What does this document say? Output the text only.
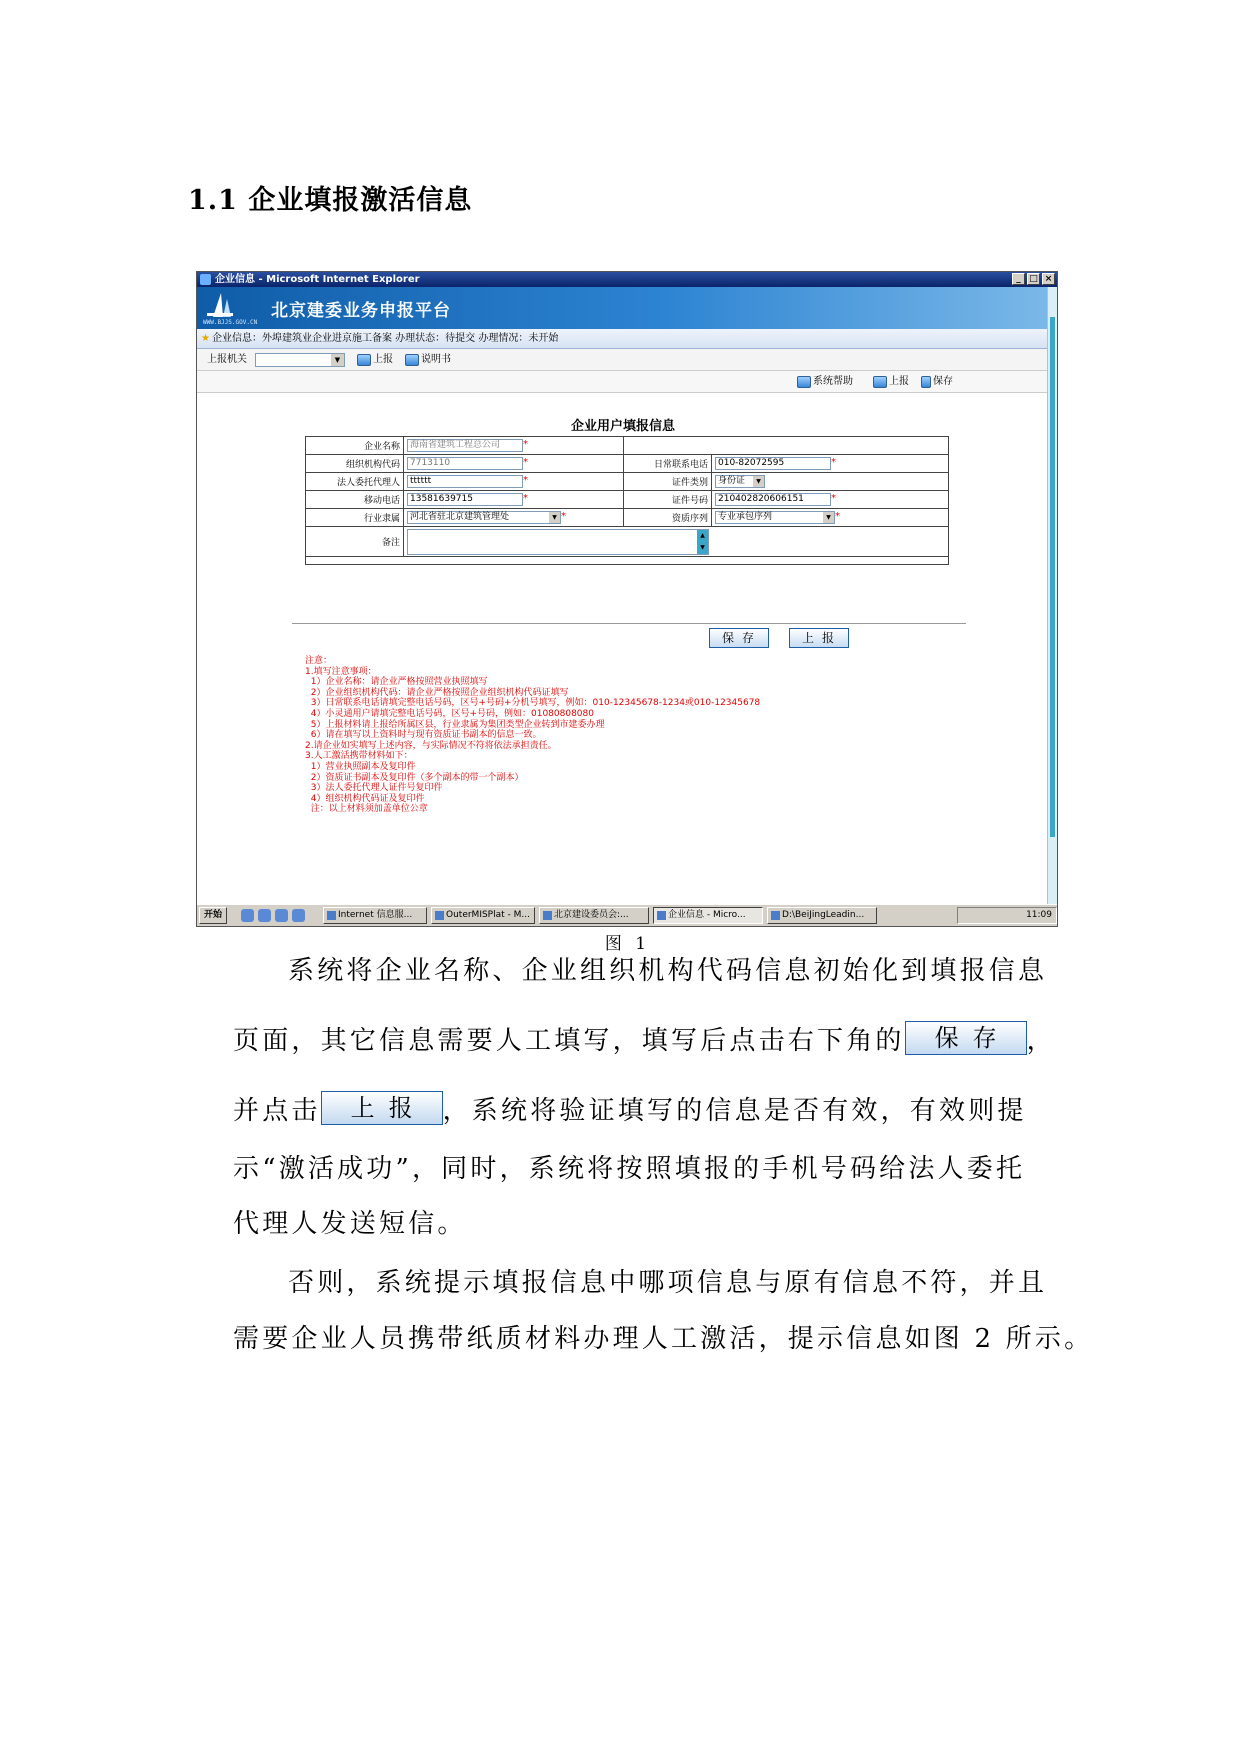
1.1 企业填报激活信息
企业信息 - Microsoft Internet Explorer	_ □ ×
WWW.BJJS.GOV.CN
北京建委业务申报平台
★ 企业信息：外埠建筑业企业进京施工备案 办理状态：待提交 办理情况：未开始
上报机关	▼	上报	说明书
系统帮助	上报 保存
企业用户填报信息
企业名称	海南省建筑工程总公司 *		
组织机构代码	7713110 *	日常联系电话	010-82072595 *
法人委托代理人	tttttt *	证件类别	身份证 ▼

移动电话	13581639715 *	证件号码	210402820606151 *
行业隶属	河北省驻北京建筑管理处 ▼ *	资质序列	专业承包序列 ▼ *
备注	▲
▼		

保存	上报
注意：
1.填写注意事项：
1）企业名称：请企业严格按照营业执照填写
2）企业组织机构代码：请企业严格按照企业组织机构代码证填写
3）日常联系电话请填完整电话号码，区号+号码+分机号填写，例如：010-12345678-1234或010-12345678
4）小灵通用户请填完整电话号码，区号+号码，例如：01080808080
5）上报材料请上报给所属区县，行业隶属为集团类型企业转到市建委办理
6）请在填写以上资料时与现有资质证书副本的信息一致。
2.请企业如实填写上述内容，与实际情况不符将依法承担责任。
3.人工激活携带材料如下：
1）营业执照副本及复印件
2）资质证书副本及复印件（多个副本的带一个副本）
3）法人委托代理人证件号复印件
4）组织机构代码证及复印件
注：以上材料须加盖单位公章
开始	Internet 信息服...	OuterMISPlat - M...	北京建设委员会:...	企业信息 - Micro...	D:\BeiJingLeadin...	11:09
图 1
系统将企业名称、企业组织机构代码信息初始化到填报信息
页面，其它信息需要人工填写，填写后点击右下角的 保存 ，
并点击 上报 ，系统将验证填写的信息是否有效，有效则提
示“激活成功”，同时，系统将按照填报的手机号码给法人委托
代理人发送短信。
否则，系统提示填报信息中哪项信息与原有信息不符，并且
需要企业人员携带纸质材料办理人工激活，提示信息如图 2 所示。
